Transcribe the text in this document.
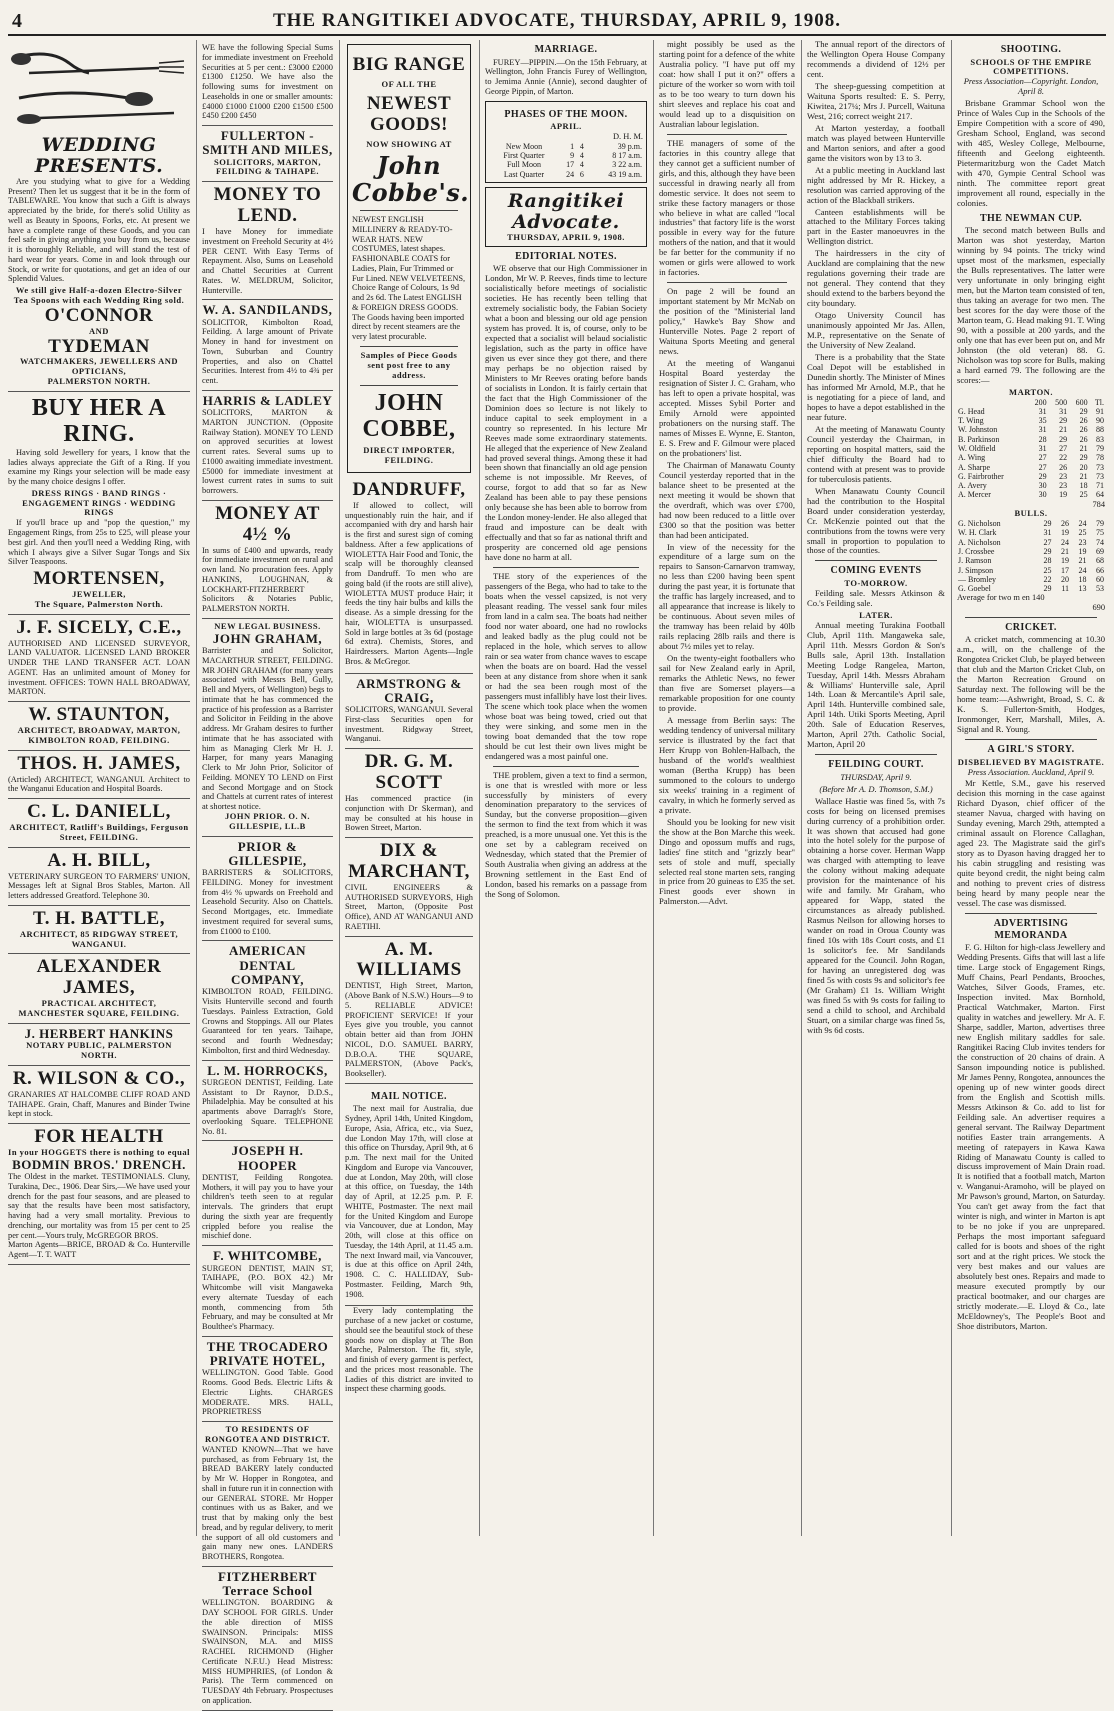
4	THE RANGITIKEI ADVOCATE, THURSDAY, APRIL 9, 1908.
WEDDING PRESENTS.
Are you studying what to give for a Wedding Present? Then let us suggest that it be in the form of TABLEWARE. You know that such a Gift is always appreciated by the bride, for there's solid Utility as well as Beauty in Spoons, Forks, etc. At present we have a complete range of these Goods, and you can feel safe in giving anything you buy from us, because it is thoroughly Reliable, and will stand the test of hard wear for years. Come in and look through our Stock, or write for quotations, and get an idea of our Splendid Values.
We still give Half-a-dozen Electro-Silver Tea Spoons with each Wedding Ring sold.
O'CONNOR
AND
TYDEMAN
WATCHMAKERS, JEWELLERS AND OPTICIANS,
PALMERSTON NORTH.
BUY HER A RING.
Having sold Jewellery for years, I know that the ladies always appreciate the Gift of a Ring. If you examine my Rings your selection will be made easy by the many choice designs I offer.
DRESS RINGS · BAND RINGS · ENGAGEMENT RINGS · WEDDING RINGS
If you'll brace up and "pop the question," my Engagement Rings, from 25s to £25, will please your best girl. And then you'll need a Wedding Ring, with which I always give a Silver Sugar Tongs and Six Silver Teaspoons.
MORTENSEN,
JEWELLER,
The Square, Palmerston North.
J. F. SICELY, C.E.,
AUTHORISED AND LICENSED SURVEYOR, LAND VALUATOR. LICENSED LAND BROKER UNDER THE LAND TRANSFER ACT. LOAN AGENT. Has an unlimited amount of Money for investment. OFFICES: TOWN HALL BROADWAY, MARTON.
W. STAUNTON,
ARCHITECT, BROADWAY, MARTON, KIMBOLTON ROAD, FEILDING.
THOS. H. JAMES,
(Articled) ARCHITECT, WANGANUI. Architect to the Wanganui Education and Hospital Boards.
C. L. DANIELL,
ARCHITECT, Ratliff's Buildings, Ferguson Street, FEILDING.
A. H. BILL,
VETERINARY SURGEON TO FARMERS' UNION, Messages left at Signal Bros Stables, Marton. All letters addressed Greatford. Telephone 30.
T. H. BATTLE,
ARCHITECT, 85 RIDGWAY STREET, WANGANUI.
ALEXANDER JAMES,
PRACTICAL ARCHITECT, MANCHESTER SQUARE, FEILDING.
J. HERBERT HANKINS
NOTARY PUBLIC, PALMERSTON NORTH.
R. WILSON & CO.,
GRANARIES AT HALCOMBE CLIFF ROAD AND TAIHAPE. Grain, Chaff, Manures and Binder Twine kept in stock.
FOR HEALTH
In your HOGGETS there is nothing to equal
BODMIN BROS.' DRENCH.
The Oldest in the market. TESTIMONIALS. Cluny, Turakina, Dec., 1906. Dear Sirs,—We have used your drench for the past four seasons, and are pleased to say that the results have been most satisfactory, having had a very small mortality. Previous to drenching, our mortality was from 15 per cent to 25 per cent.—Yours truly, McGREGOR BROS.
Marton Agents—BRICE, BROAD & Co. Hunterville Agent—T. T. WATT
WE have the following Special Sums for immediate investment on Freehold Securities at 5 per cent.: £3000 £2000 £1300 £1250. We have also the following sums for investment on Leaseholds in one or smaller amounts: £4000 £1000 £1000 £200 £1500 £500 £450 £200 £450
FULLERTON - SMITH AND MILES,
SOLICITORS, MARTON, FEILDING & TAIHAPE.
MONEY TO LEND.
I have Money for immediate investment on Freehold Security at 4½ PER CENT. With Easy Terms of Repayment. Also, Sums on Leasehold and Chattel Securities at Current Rates. W. MELDRUM, Solicitor, Hunterville.
W. A. SANDILANDS,
SOLICITOR, Kimbolton Road, Feilding. A large amount of Private Money in hand for investment on Town, Suburban and Country Properties, and also on Chattel Securities. Interest from 4½ to 4¾ per cent.
HARRIS & LADLEY
SOLICITORS, MARTON & MARTON JUNCTION. (Opposite Railway Station). MONEY TO LEND on approved securities at lowest current rates. Several sums up to £1000 awaiting immediate investment. £5000 for immediate investment at lowest current rates in sums to suit borrowers.
MONEY AT 4½ %
In sums of £400 and upwards, ready for immediate investment on rural and own land. No procuration fees. Apply HANKINS, LOUGHNAN, & LOCKHART-FITZHERBERT Solicitors & Notaries Public, PALMERSTON NORTH.
NEW LEGAL BUSINESS.
JOHN GRAHAM,
Barrister and Solicitor, MACARTHUR STREET, FEILDING. MR JOHN GRAHAM (for many years associated with Messrs Bell, Gully, Bell and Myers, of Wellington) begs to intimate that he has commenced the practice of his profession as a Barrister and Solicitor in Feilding in the above address. Mr Graham desires to further intimate that he has associated with him as Managing Clerk Mr H. J. Harper, for many years Managing Clerk to Mr John Prior, Solicitor of Feilding. MONEY TO LEND on First and Second Mortgage and on Stock and Chattels at current rates of interest at shortest notice.
JOHN PRIOR. O. N. GILLESPIE, LL.B
PRIOR & GILLESPIE,
BARRISTERS & SOLICITORS, FEILDING. Money for investment from 4½ % upwards on Freehold and Leasehold Security. Also on Chattels. Second Mortgages, etc. Immediate investment required for several sums, from £1000 to £100.
AMERICAN DENTAL COMPANY,
KIMBOLTON ROAD, FEILDING. Visits Hunterville second and fourth Tuesdays. Painless Extraction, Gold Crowns and Stoppings. All our Plates Guaranteed for ten years. Taihape, second and fourth Wednesday; Kimbolton, first and third Wednesday.
L. M. HORROCKS,
SURGEON DENTIST, Feilding. Late Assistant to Dr Raynor, D.D.S., Philadelphia. May be consulted at his apartments above Darragh's Store, overlooking Square. TELEPHONE No. 81.
JOSEPH H. HOOPER
DENTIST, Feilding Rongotea. Mothers, it will pay you to have your children's teeth seen to at regular intervals. The grinders that erupt during the sixth year are frequently crippled before you realise the mischief done.
F. WHITCOMBE,
SURGEON DENTIST, MAIN ST, TAIHAPE, (P.O. BOX 42.) Mr Whitcombe will visit Mangaweka every alternate Tuesday of each month, commencing from 5th February, and may be consulted at Mr Boulthee's Pharmacy.
THE TROCADERO PRIVATE HOTEL,
WELLINGTON. Good Table. Good Rooms. Good Beds. Electric Lifts & Electric Lights. CHARGES MODERATE. MRS. HALL, PROPRIETRESS
TO RESIDENTS OF RONGOTEA AND DISTRICT.
WANTED KNOWN—That we have purchased, as from February 1st, the BREAD BAKERY lately conducted by Mr W. Hopper in Rongotea, and shall in future run it in connection with our GENERAL STORE. Mr Hopper continues with us as Baker, and we trust that by making only the best bread, and by regular delivery, to merit the support of all old customers and gain many new ones. LANDERS BROTHERS, Rongotea.
FITZHERBERT Terrace School
WELLINGTON. BOARDING & DAY SCHOOL FOR GIRLS. Under the able direction of MISS SWAINSON. Principals: MISS SWAINSON, M.A. and MISS RACHEL RICHMOND (Higher Certificate N.F.U.) Head Mistress: MISS HUMPHRIES, (of London & Paris). The Term commenced on TUESDAY 4th February. Prospectuses on application.
BIG RANGE
OF ALL THE
NEWEST GOODS!
NOW SHOWING AT
John Cobbe's.
NEWEST ENGLISH MILLINERY & READY-TO-WEAR HATS. NEW COSTUMES, latest shapes. FASHIONABLE COATS for Ladies, Plain, Fur Trimmed or Fur Lined. NEW VELVETEENS, Choice Range of Colours, 1s 9d and 2s 6d. The Latest ENGLISH & FOREIGN DRESS GOODS. The Goods having been imported direct by recent steamers are the very latest procurable.
Samples of Piece Goods sent post free to any address.
JOHN COBBE,
DIRECT IMPORTER,
FEILDING.
DANDRUFF,
If allowed to collect, will unquestionably ruin the hair, and if accompanied with dry and harsh hair is the first and surest sign of coming baldness. After a few applications of WIOLETTA Hair Food and Tonic, the scalp will be thoroughly cleansed from Dandruff. To men who are going bald (if the roots are still alive), WIOLETTA MUST produce Hair; it feeds the tiny hair bulbs and kills the disease. As a simple dressing for the hair, WIOLETTA is unsurpassed. Sold in large bottles at 3s 6d (postage 6d extra). Chemists, Stores, and Hairdressers. Marton Agents—Ingle Bros. & McGregor.
ARMSTRONG & CRAIG,
SOLICITORS, WANGANUI. Several First-class Securities open for investment. Ridgway Street, Wanganui.
DR. G. M. SCOTT
Has commenced practice (in conjunction with Dr Skerman), and may be consulted at his house in Bowen Street, Marton.
DIX & MARCHANT,
CIVIL ENGINEERS & AUTHORISED SURVEYORS, High Street, Marton, (Opposite Post Office), AND AT WANGANUI AND RAETIHI.
A. M. WILLIAMS
DENTIST, High Street, Marton, (Above Bank of N.S.W.) Hours—9 to 5. RELIABLE ADVICE! PROFICIENT SERVICE! If your Eyes give you trouble, you cannot obtain better aid than from JOHN NICOL, D.O. SAMUEL BARRY, D.B.O.A. THE SQUARE, PALMERSTON, (Above Pack's, Bookseller).
MAIL NOTICE.
The next mail for Australia, due Sydney, April 14th, United Kingdom, Europe, Asia, Africa, etc., via Suez, due London May 17th, will close at this office on Thursday, April 9th, at 6 p.m. The next mail for the United Kingdom and Europe via Vancouver, due at London, May 20th, will close at this office, on Tuesday, the 14th day of April, at 12.25 p.m. P. F. WHITE, Postmaster. The next mail for the United Kingdom and Europe via Vancouver, due at London, May 20th, will close at this office on Tuesday, the 14th April, at 11.45 a.m. The next Inward mail, via Vancouver, is due at this office on April 24th, 1908. C. C. HALLIDAY, Sub-Postmaster. Feilding, March 9th, 1908.
Every lady contemplating the purchase of a new jacket or costume, should see the beautiful stock of these goods now on display at The Bon Marche, Palmerston. The fit, style, and finish of every garment is perfect, and the prices most reasonable. The Ladies of this district are invited to inspect these charming goods.
MARRIAGE.
FUREY—PIPPIN.—On the 15th February, at Wellington, John Francis Furey of Wellington, to Jemima Annie (Annie), second daughter of George Pippin, of Marton.
PHASES OF THE MOON.
APRIL.
D. H. M.
New Moon	1	4	39 p.m.
First Quarter	9	4	8 17 a.m.
Full Moon	17	4	3 22 a.m.
Last Quarter	24	6	43 19 a.m.
Rangitikei Advocate.
THURSDAY, APRIL 9, 1908.
EDITORIAL NOTES.
WE observe that our High Commissioner in London, Mr W. P. Reeves, finds time to lecture socialistically before meetings of socialistic societies. He has recently been telling that extremely socialistic body, the Fabian Society what a boon and blessing our old age pension system has proved. It is, of course, only to be expected that a socialist will belaud socialistic legislation, such as the party in office have given us ever since they got there, and there may perhaps be no objection raised by Ministers to Mr Reeves orating before bands of socialists in London. It is fairly certain that the fact that the High Commissioner of the Dominion does so lecture is not likely to induce capital to seek employment in a country so represented. In his lecture Mr Reeves made some extraordinary statements. He alleged that the experience of New Zealand had proved several things. Among these it had been shown that financially an old age pension scheme is not impossible. Mr Reeves, of course, forgot to add that so far as New Zealand has been able to pay these pensions only because she has been able to borrow from the London money-lender. He also alleged that fraud and imposture can be dealt with effectually and that so far as national thrift and prosperity are concerned old age pensions have done no harm at all.
THE story of the experiences of the passengers of the Bega, who had to take to the boats when the vessel capsized, is not very pleasant reading. The vessel sank four miles from land in a calm sea. The boats had neither food nor water aboard, one had no rowlocks and leaked badly as the plug could not be replaced in the hole, which serves to allow rain or sea water from chance waves to escape when the boats are on board. Had the vessel been at any distance from shore when it sank or had the sea been rough most of the passengers must infallibly have lost their lives. The scene which took place when the women whose boat was being towed, cried out that they were sinking, and some men in the towing boat demanded that the tow rope should be cut lest their own lives might be endangered was a most painful one.
THE problem, given a text to find a sermon, is one that is wrestled with more or less successfully by ministers of every denomination preparatory to the services of Sunday, but the converse proposition—given the sermon to find the text from which it was preached, is a more unusual one. Yet this is the one set by a cablegram received on Wednesday, which stated that the Premier of South Australia when giving an address at the Browning settlement in the East End of London, based his remarks on a passage from the Song of Solomon.
might possibly be used as the starting point for a defence of the white Australia policy. "I have put off my coat: how shall I put it on?" offers a picture of the worker so worn with toil as to be too weary to turn down his shirt sleeves and replace his coat and would lead up to a disquisition on Australian labour legislation.
THE managers of some of the factories in this country allege that they cannot get a sufficient number of girls, and this, although they have been successful in drawing nearly all from domestic service. It does not seem to strike these factory managers or those who believe in what are called "local industries" that factory life is the worst possible in every way for the future mothers of the nation, and that it would be far better for the community if no women or girls were allowed to work in factories.
On page 2 will be found an important statement by Mr McNab on the position of the "Ministerial land policy," Hawke's Bay Show and Hunterville Notes. Page 2 report of Waituna Sports Meeting and general news.
At the meeting of Wanganui Hospital Board yesterday the resignation of Sister J. C. Graham, who has left to open a private hospital, was accepted. Misses Sybil Porter and Emily Arnold were appointed probationers on the nursing staff. The names of Misses E. Wynne, E. Stanton, E. S. Frew and F. Gilmour were placed on the probationers' list.
The Chairman of Manawatu County Council yesterday reported that in the balance sheet to be presented at the next meeting it would be shown that the overdraft, which was over £700, had now been reduced to a little over £300 so that the position was better than had been anticipated.
In view of the necessity for the expenditure of a large sum on the repairs to Sanson-Carnarvon tramway, no less than £200 having been spent during the past year, it is fortunate that the traffic has largely increased, and to all appearance that increase is likely to be continuous. About seven miles of the tramway has been relaid by 40lb rails replacing 28lb rails and there is about 7½ miles yet to relay.
On the twenty-eight footballers who sail for New Zealand early in April, remarks the Athletic News, no fewer than five are Somerset players—a remarkable proposition for one county to provide.
A message from Berlin says: The wedding tendency of universal military service is illustrated by the fact that Herr Krupp von Bohlen-Halbach, the husband of the world's wealthiest woman (Bertha Krupp) has been summoned to the colours to undergo six weeks' training in a regiment of cavalry, in which he formerly served as a private.
Should you be looking for new visit the show at the Bon Marche this week. Dingo and opossum muffs and rugs, ladies' fine stitch and "grizzly bear" sets of stole and muff, specially selected real stone marten sets, ranging in price from 20 guineas to £35 the set. Finest goods ever shown in Palmerston.—Advt.
The annual report of the directors of the Wellington Opera House Company recommends a dividend of 12½ per cent.
The sheep-guessing competition at Waituna Sports resulted: E. S. Perry, Kiwitea, 217¼; Mrs J. Purcell, Waituna West, 216; correct weight 217.
At Marton yesterday, a football match was played between Hunterville and Marton seniors, and after a good game the visitors won by 13 to 3.
At a public meeting in Auckland last night addressed by Mr R. Hickey, a resolution was carried approving of the action of the Blackball strikers.
Canteen establishments will be attached to the Military Forces taking part in the Easter manoeuvres in the Wellington district.
The hairdressers in the city of Auckland are complaining that the new regulations governing their trade are not general. They contend that they should extend to the barbers beyond the city boundary.
Otago University Council has unanimously appointed Mr Jas. Allen, M.P., representative on the Senate of the University of New Zealand.
There is a probability that the State Coal Depot will be established in Dunedin shortly. The Minister of Mines has informed Mr Arnold, M.P., that he is negotiating for a piece of land, and hopes to have a depot established in the near future.
At the meeting of Manawatu County Council yesterday the Chairman, in reporting on hospital matters, said the chief difficulty the Board had to contend with at present was to provide for tuberculosis patients.
When Manawatu County Council had the contribution to the Hospital Board under consideration yesterday, Cr. McKenzie pointed out that the contributions from the towns were very small in proportion to population to those of the counties.
COMING EVENTS
TO-MORROW.
Feilding sale. Messrs Atkinson & Co.'s Feilding sale.
LATER.
Annual meeting Turakina Football Club, April 11th. Mangaweka sale, April 11th. Messrs Gordon & Son's Bulls sale, April 13th. Installation Meeting Lodge Rangelea, Marton, Tuesday, April 14th. Messrs Abraham & Williams' Hunterville sale, April 14th. Loan & Mercantile's April sale, April 14th. Hunterville combined sale, April 14th. Utiki Sports Meeting, April 20th. Sale of Education Reserves, Marton, April 27th. Catholic Social, Marton, April 20
FEILDING COURT.
THURSDAY, April 9.
(Before Mr A. D. Thomson, S.M.)
Wallace Hastie was fined 5s, with 7s costs for being on licensed premises during currency of a prohibition order. It was shown that accused had gone into the hotel solely for the purpose of obtaining a horse cover. Herman Wapp was charged with attempting to leave the colony without making adequate provision for the maintenance of his wife and family. Mr Graham, who appeared for Wapp, stated the circumstances as already published. Rasmus Neilson for allowing horses to wander on road in Oroua County was fined 10s with 18s Court costs, and £1 1s solicitor's fee. Mr Sandilands appeared for the Council. John Rogan, for having an unregistered dog was fined 5s with costs 9s and solicitor's fee (Mr Graham) £1 1s. William Wright was fined 5s with 9s costs for failing to send a child to school, and Archibald Stuart, on a similar charge was fined 5s, with 9s 6d costs.
SHOOTING.
SCHOOLS OF THE EMPIRE COMPETITIONS.
Press Association—Copyright. London, April 8.
Brisbane Grammar School won the Prince of Wales Cup in the Schools of the Empire Competition with a score of 490, Gresham School, England, was second with 485, Wesley College, Melbourne, fifteenth and Geelong eighteenth. Pietermaritzburg won the Cadet Match with 470, Gympie Central School was ninth. The committee report great improvement all round, especially in the colonies.
THE NEWMAN CUP.
The second match between Bulls and Marton was shot yesterday, Marton winning by 94 points. The tricky wind upset most of the marksmen, especially the Bulls representatives. The latter were very unfortunate in only bringing eight men, but the Marton team consisted of ten, thus taking an average for two men. The best scores for the day were those of the Marton team, G. Head making 91. T. Wing 90, with a possible at 200 yards, and the only one that has ever been put on, and Mr Johnston (the old veteran) 88. G. Nicholson was top score for Bulls, making a hard earned 79. The following are the scores:—
MARTON.
	200	500	600	Tl.
G. Head	31	31	29	91
T. Wing	35	29	26	90
W. Johnston	31	21	26	88
B. Parkinson	28	29	26	83
W. Oldfield	31	27	21	79
A. Wing	27	22	29	78
A. Sharpe	27	26	20	73
G. Fairbrother	29	23	21	73
A. Avery	30	23	18	71
A. Mercer	30	19	25	64
784
BULLS.
G. Nicholson	29	26	24	79
W. H. Clark	31	19	25	75
A. Nicholson	27	24	23	74
J. Crossbee	29	21	19	69
J. Ramson	28	19	21	68
J. Simpson	25	17	24	66
— Bromley	22	20	18	60
G. Goebel	29	11	13	53
Average for two m en 140
690
CRICKET.
A cricket match, commencing at 10.30 a.m., will, on the challenge of the Rongotea Cricket Club, be played between that club and the Marton Cricket Club, on the Marton Recreation Ground on Saturday next. The following will be the home team:—Ashwright, Broad, S. C. & K. S. Fullerton-Smith, Hodges, Ironmonger, Kerr, Marshall, Miles, A. Signal and R. Young.
A GIRL'S STORY.
DISBELIEVED BY MAGISTRATE.
Press Association. Auckland, April 9.
Mr Kettle, S.M., gave his reserved decision this morning in the case against Richard Dyason, chief officer of the steamer Navua, charged with having on Sunday evening, March 29th, attempted a criminal assault on Florence Callaghan, aged 23. The Magistrate said the girl's story as to Dyason having dragged her to his cabin struggling and resisting was quite beyond credit, the night being calm and nothing to prevent cries of distress being heard by many people near the vessel. The case was dismissed.
ADVERTISING MEMORANDA
F. G. Hilton for high-class Jewellery and Wedding Presents. Gifts that will last a life time. Large stock of Engagement Rings, Muff Chains, Pearl Pendants, Brooches, Watches, Silver Goods, Frames, etc. Inspection invited. Max Bornhold, Practical Watchmaker, Marton. First quality in watches and jewellery. Mr A. F. Sharpe, saddler, Marton, advertises three new English military saddles for sale. Rangitikei Racing Club invites tenders for the construction of 20 chains of drain. A Sanson impounding notice is published. Mr James Penny, Rongotea, announces the opening up of new winter goods direct from the English and Scottish mills. Messrs Atkinson & Co. add to list for Feilding sale. An advertiser requires a general servant. The Railway Department notifies Easter train arrangements. A meeting of ratepayers in Kawa Kawa Riding of Manawatu County is called to discuss improvement of Main Drain road. It is notified that a football match, Marton v. Wanganui-Aramoho, will be played on Mr Pawson's ground, Marton, on Saturday. You can't get away from the fact that winter is nigh, and winter in Marton is apt to be no joke if you are unprepared. Perhaps the most important safeguard called for is boots and shoes of the right sort and at the right prices. We stock the very best makes and our values are absolutely best ones. Repairs and made to measure executed promptly by our practical bootmaker, and our charges are strictly moderate.—E. Lloyd & Co., late McEldowney's, The People's Boot and Shoe distributors, Marton.
